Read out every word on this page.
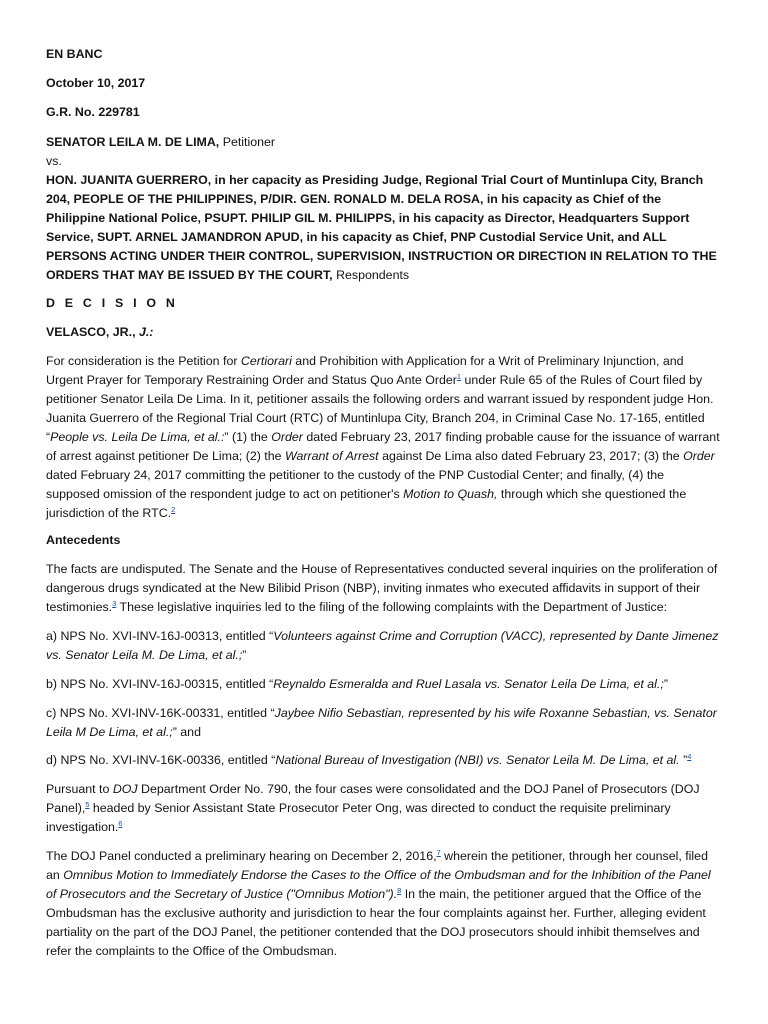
EN BANC

October 10, 2017

G.R. No. 229781

SENATOR LEILA M. DE LIMA, Petitioner

vs.

HON. JUANITA GUERRERO, in her capacity as Presiding Judge, Regional Trial Court of Muntinlupa City, Branch 204, PEOPLE OF THE PHILIPPINES, P/DIR. GEN. RONALD M. DELA ROSA, in his capacity as Chief of the Philippine National Police, PSUPT. PHILIP GIL M. PHILIPPS, in his capacity as Director, Headquarters Support Service, SUPT. ARNEL JAMANDRON APUD, in his capacity as Chief, PNP Custodial Service Unit, and ALL PERSONS ACTING UNDER THEIR CONTROL, SUPERVISION, INSTRUCTION OR DIRECTION IN RELATION TO THE ORDERS THAT MAY BE ISSUED BY THE COURT, Respondents

D E C I S I O N

VELASCO, JR., J.:

For consideration is the Petition for Certiorari and Prohibition with Application for a Writ of Preliminary Injunction, and Urgent Prayer for Temporary Restraining Order and Status Quo Ante Order$^1$ under Rule 65 of the Rules of Court filed by petitioner Senator Leila De Lima. In it, petitioner assails the following orders and warrant issued by respondent judge Hon. Juanita Guerrero of the Regional Trial Court (RTC) of Muntinlupa City, Branch 204, in Criminal Case No. 17-165, entitled “People vs. Leila De Lima, et al.:” (1) the Order dated February 23, 2017 finding probable cause for the issuance of warrant of arrest against petitioner De Lima; (2) the Warrant of Arrest against De Lima also dated February 23, 2017; (3) the Order dated February 24, 2017 committing the petitioner to the custody of the PNP Custodial Center; and finally, (4) the supposed omission of the respondent judge to act on petitioner's Motion to Quash, through which she questioned the jurisdiction of the RTC.$^2$

Antecedents

The facts are undisputed. The Senate and the House of Representatives conducted several inquiries on the proliferation of dangerous drugs syndicated at the New Bilibid Prison (NBP), inviting inmates who executed affidavits in support of their testimonies.$^3$ These legislative inquiries led to the filing of the following complaints with the Department of Justice:

a) NPS No. XVI-INV-16J-00313, entitled “Volunteers against Crime and Corruption (VACC), represented by Dante Jimenez vs. Senator Leila M. De Lima, et al.;”

b) NPS No. XVI-INV-16J-00315, entitled “Reynaldo Esmeralda and Ruel Lasala vs. Senator Leila De Lima, et al.;”

c) NPS No. XVI-INV-16K-00331, entitled “Jaybee Nifio Sebastian, represented by his wife Roxanne Sebastian, vs. Senator Leila M De Lima, et al.;” and

d) NPS No. XVI-INV-16K-00336, entitled “National Bureau of Investigation (NBI) vs. Senator Leila M. De Lima, et al. ”$^4$

Pursuant to DOJ Department Order No. 790, the four cases were consolidated and the DOJ Panel of Prosecutors (DOJ Panel),$^5$ headed by Senior Assistant State Prosecutor Peter Ong, was directed to conduct the requisite preliminary investigation.$^6$

The DOJ Panel conducted a preliminary hearing on December 2, 2016,$^7$ wherein the petitioner, through her counsel, filed an Omnibus Motion to Immediately Endorse the Cases to the Office of the Ombudsman and for the Inhibition of the Panel of Prosecutors and the Secretary of Justice ("Omnibus Motion").$^8$ In the main, the petitioner argued that the Office of the Ombudsman has the exclusive authority and jurisdiction to hear the four complaints against her. Further, alleging evident partiality on the part of the DOJ Panel, the petitioner contended that the DOJ prosecutors should inhibit themselves and refer the complaints to the Office of the Ombudsman.
